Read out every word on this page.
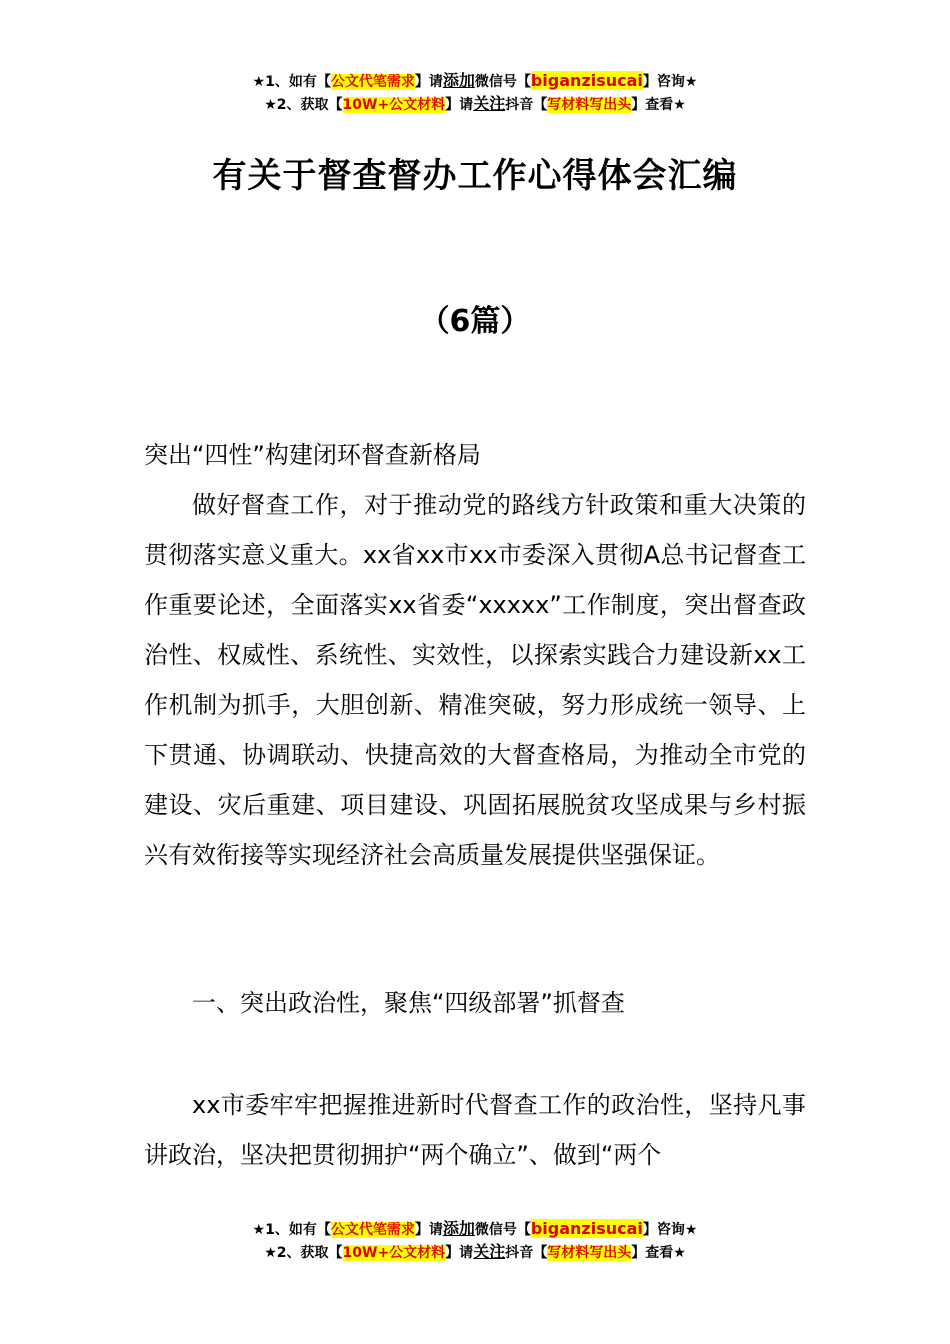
★1、如有【公文代笔需求】请添加微信号【biganzisucai】咨询★
★2、获取【10W+公文材料】请关注抖音【写材料写出头】查看★
有关于督查督办工作心得体会汇编
（6篇）

突出“四性”构建闭环督查新格局

做好督查工作，对于推动党的路线方针政策和重大决策的贯彻落实意义重大。xx省xx市xx市委深入贯彻A总书记督查工作重要论述，全面落实xx省委“xxxxx”工作制度，突出督查政治性、权威性、系统性、实效性，以探索实践合力建设新xx工作机制为抓手，大胆创新、精准突破，努力形成统一领导、上下贯通、协调联动、快捷高效的大督查格局，为推动全市党的建设、灾后重建、项目建设、巩固拓展脱贫攻坚成果与乡村振兴有效衔接等实现经济社会高质量发展提供坚强保证。

一、突出政治性，聚焦“四级部署”抓督查

xx市委牢牢把握推进新时代督查工作的政治性，坚持凡事讲政治，坚决把贯彻拥护“两个确立”、做到“两个

★1、如有【公文代笔需求】请添加微信号【biganzisucai】咨询★
★2、获取【10W+公文材料】请关注抖音【写材料写出头】查看★
